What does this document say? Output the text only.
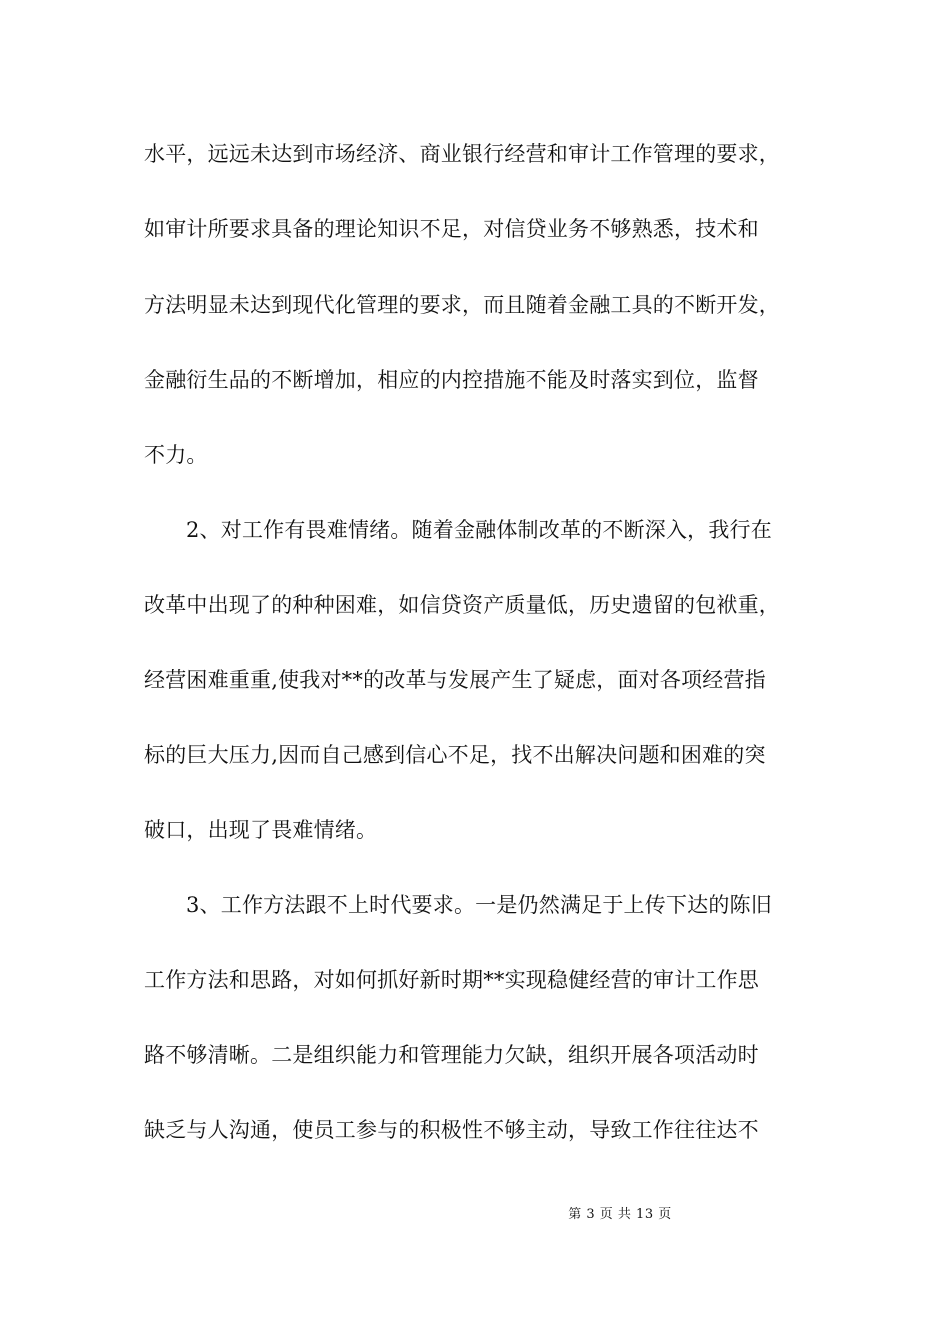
水平，远远未达到市场经济、商业银行经营和审计工作管理的要求，
如审计所要求具备的理论知识不足，对信贷业务不够熟悉，技术和
方法明显未达到现代化管理的要求，而且随着金融工具的不断开发，
金融衍生品的不断增加，相应的内控措施不能及时落实到位，监督
不力。
2、对工作有畏难情绪。随着金融体制改革的不断深入，我行在
改革中出现了的种种困难，如信贷资产质量低，历史遗留的包袱重，
经营困难重重,使我对**的改革与发展产生了疑虑，面对各项经营指
标的巨大压力,因而自己感到信心不足，找不出解决问题和困难的突
破口，出现了畏难情绪。
3、工作方法跟不上时代要求。一是仍然满足于上传下达的陈旧
工作方法和思路，对如何抓好新时期**实现稳健经营的审计工作思
路不够清晰。二是组织能力和管理能力欠缺，组织开展各项活动时
缺乏与人沟通，使员工参与的积极性不够主动，导致工作往往达不
第 3 页 共 13 页
